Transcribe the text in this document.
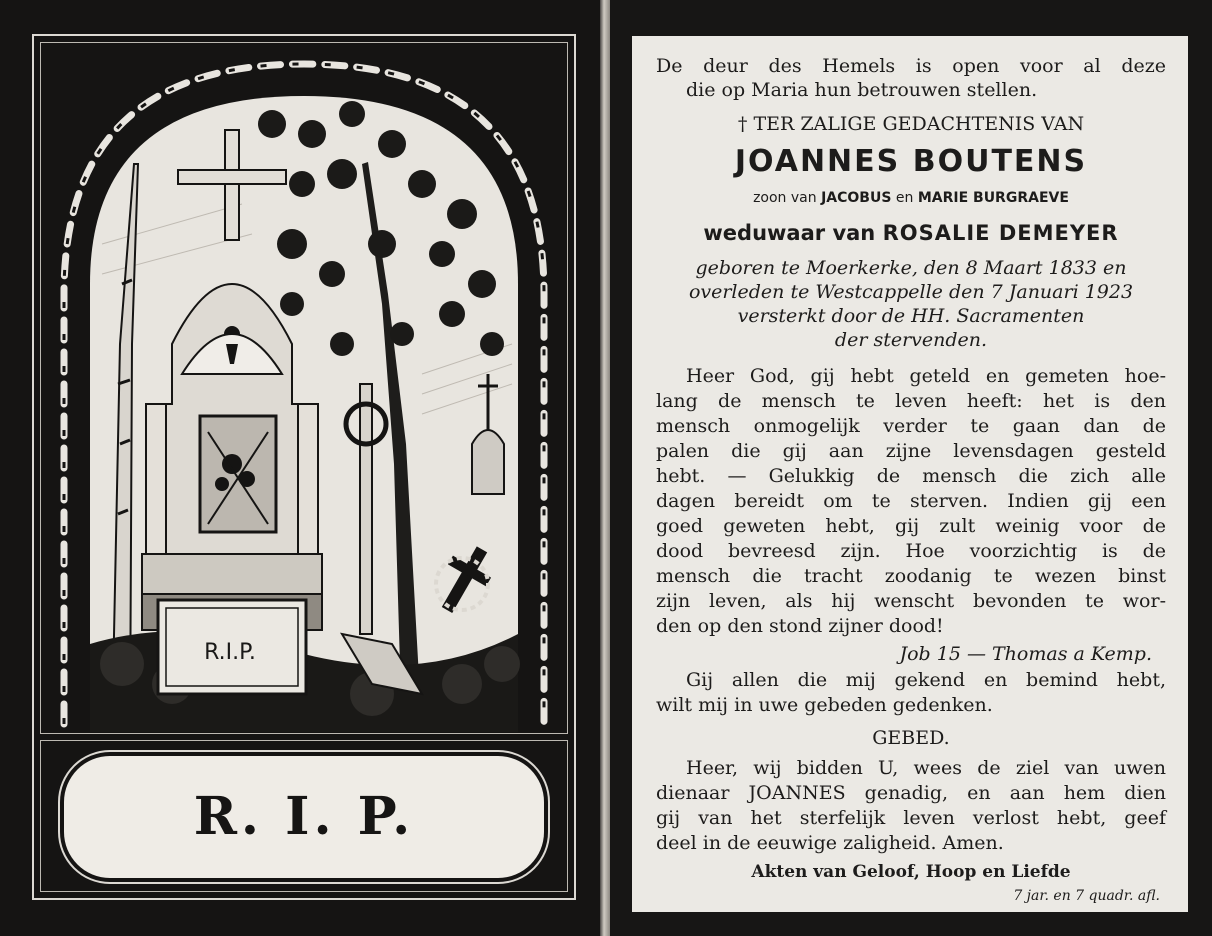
R.I.P.
R. I. P.
De deur des Hemels is open voor al deze
die op Maria hun betrouwen stellen.
† TER ZALIGE GEDACHTENIS VAN
JOANNES BOUTENS
zoon van JACOBUS en MARIE BURGRAEVE
weduwaar van ROSALIE DEMEYER
geboren te Moerkerke, den 8 Maart 1833 en
overleden te Westcappelle den 7 Januari 1923
versterkt door de HH. Sacramenten
der stervenden.
Heer God, gij hebt geteld en gemeten hoe-
lang de mensch te leven heeft: het is den
mensch onmogelijk verder te gaan dan de
palen die gij aan zijne levensdagen gesteld
hebt. — Gelukkig de mensch die zich alle
dagen bereidt om te sterven. Indien gij een
goed geweten hebt, gij zult weinig voor de
dood bevreesd zijn. Hoe voorzichtig is de
mensch die tracht zoodanig te wezen binst
zijn leven, als hij wenscht bevonden te wor-
den op den stond zijner dood!
Job 15 — Thomas a Kemp.
Gij allen die mij gekend en bemind hebt,
wilt mij in uwe gebeden gedenken.
GEBED.
Heer, wij bidden U, wees de ziel van uwen
dienaar JOANNES genadig, en aan hem dien
gij van het sterfelijk leven verlost hebt, geef
deel in de eeuwige zaligheid. Amen.
Akten van Geloof, Hoop en Liefde
7 jar. en 7 quadr. afl.
